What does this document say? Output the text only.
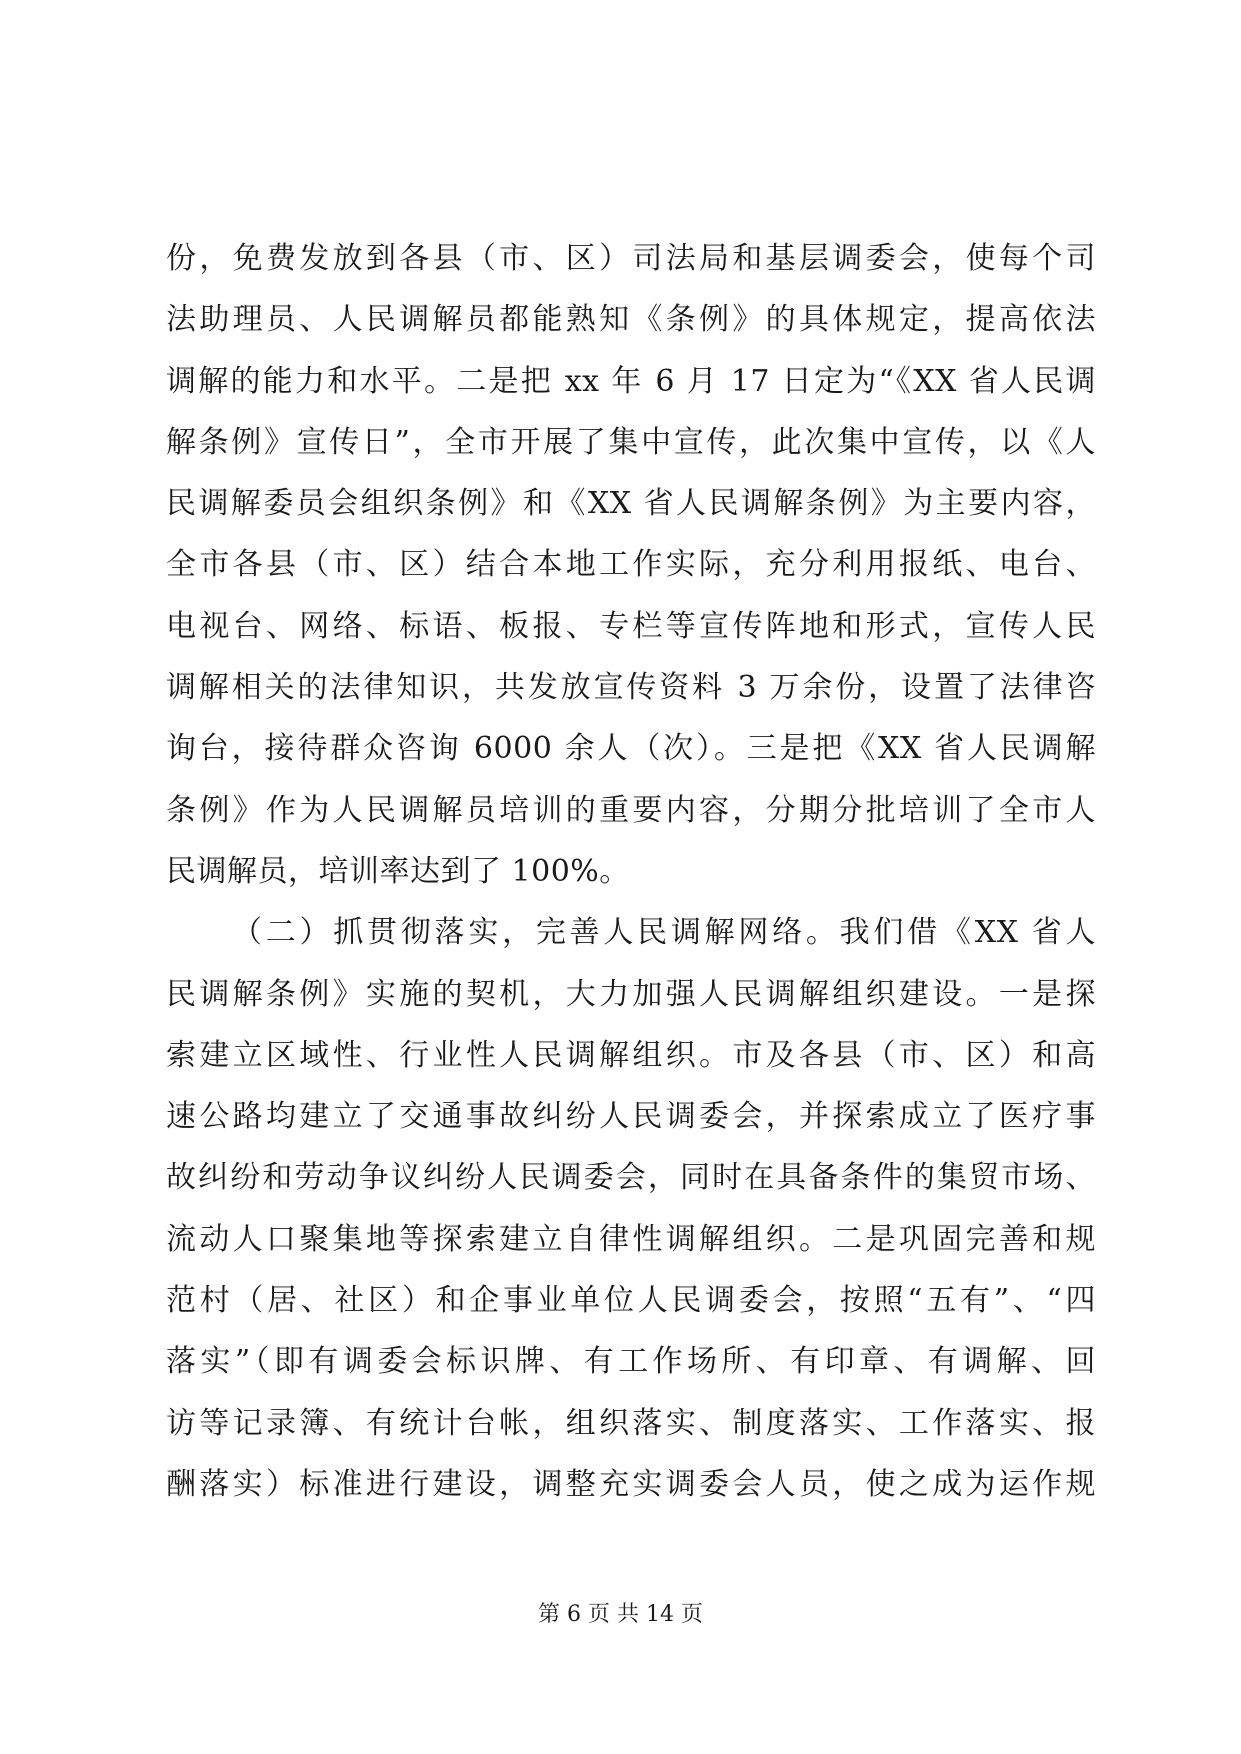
份，免费发放到各县（市、区）司法局和基层调委会，使每个司
法助理员、人民调解员都能熟知《条例》的具体规定，提高依法
调解的能力和水平。二是把 xx 年 6 月 17 日定为“《XX 省人民调
解条例》宣传日”，全市开展了集中宣传，此次集中宣传，以《人
民调解委员会组织条例》和《XX 省人民调解条例》为主要内容，
全市各县（市、区）结合本地工作实际，充分利用报纸、电台、
电视台、网络、标语、板报、专栏等宣传阵地和形式，宣传人民
调解相关的法律知识，共发放宣传资料 3 万余份，设置了法律咨
询台，接待群众咨询 6000 余人（次）。三是把《XX 省人民调解
条例》作为人民调解员培训的重要内容，分期分批培训了全市人
民调解员，培训率达到了 100%。
（二）抓贯彻落实，完善人民调解网络。我们借《XX 省人
民调解条例》实施的契机，大力加强人民调解组织建设。一是探
索建立区域性、行业性人民调解组织。市及各县（市、区）和高
速公路均建立了交通事故纠纷人民调委会，并探索成立了医疗事
故纠纷和劳动争议纠纷人民调委会，同时在具备条件的集贸市场、
流动人口聚集地等探索建立自律性调解组织。二是巩固完善和规
范村（居、社区）和企事业单位人民调委会，按照“五有”、“四
落实”（即有调委会标识牌、有工作场所、有印章、有调解、回
访等记录簿、有统计台帐，组织落实、制度落实、工作落实、报
酬落实）标准进行建设，调整充实调委会人员，使之成为运作规
第 6 页 共 14 页
